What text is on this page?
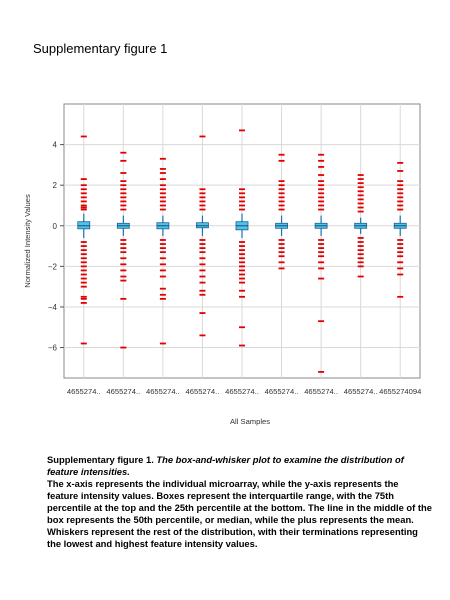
Supplementary figure 1
4
2
0
−2
−4
−6
4655274.. 4655274.. 4655274.. 4655274.. 4655274.. 4655274.. 4655274.. 4655274.. 4655274094
All Samples
Normalized Intensity Values
Supplementary figure 1. The box-and-whisker plot to examine the distribution of feature intensities.
The x-axis represents the individual microarray, while the y-axis represents the feature intensity values. Boxes represent the interquartile range, with the 75th percentile at the top and the 25th percentile at the bottom. The line in the middle of the box represents the 50th percentile, or median, while the plus represents the mean. Whiskers represent the rest of the distribution, with their terminations representing the lowest and highest feature intensity values.
